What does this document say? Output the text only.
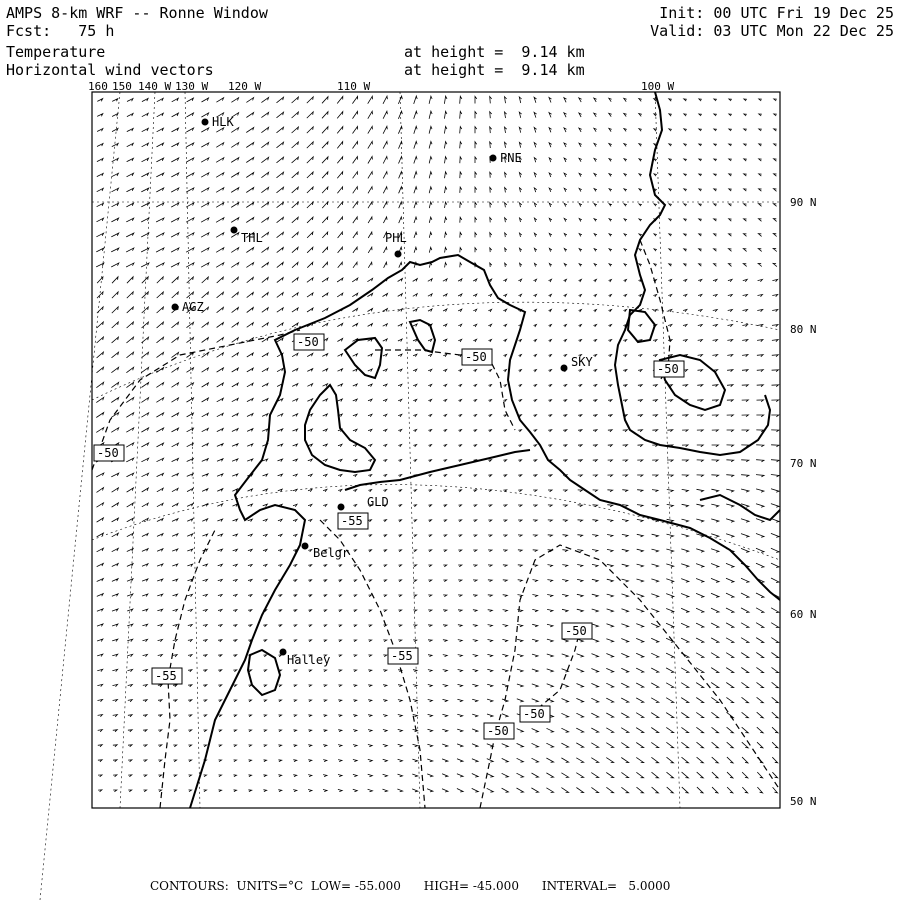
AMPS 8-km WRF -- Ronne Window	Init: 00 UTC Fri 19 Dec 25
Fcst:   75 h	Valid: 03 UTC Mon 22 Dec 25
Temperature	at height =  9.14 km
Horizontal wind vectors	at height =  9.14 km
160 150 140 W 130 W 120 W	110 W	100 W
90 N
80 N
70 N
60 N
50 N
HLK
PNE
THL	PHL
AGZ
SKY
GLD
Belgr
Halley
-50
-50
-50
-50
-55
-55
-55
-50
-50
-50
CONTOURS:  UNITS=°C  LOW= -55.000      HIGH= -45.000      INTERVAL=   5.0000
